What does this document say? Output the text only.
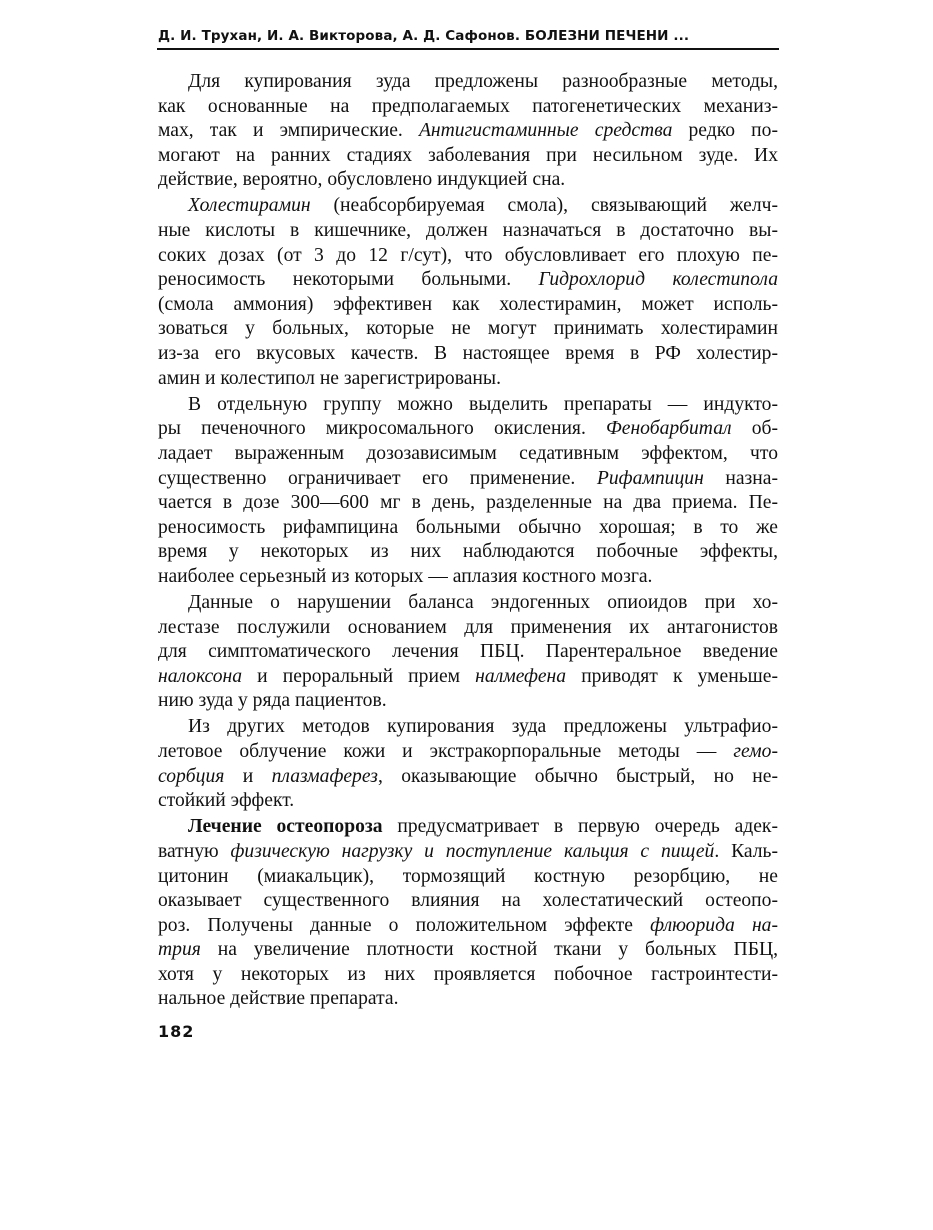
Д. И. Трухан, И. А. Викторова, А. Д. Сафонов. БОЛЕЗНИ ПЕЧЕНИ ...
Для купирования зуда предложены разнообразные методы,
как основанные на предполагаемых патогенетических механиз-
мах, так и эмпирические. Антигистаминные средства редко по-
могают на ранних стадиях заболевания при несильном зуде. Их
действие, вероятно, обусловлено индукцией сна.
Холестирамин (неабсорбируемая смола), связывающий желч-
ные кислоты в кишечнике, должен назначаться в достаточно вы-
соких дозах (от 3 до 12 г/сут), что обусловливает его плохую пе-
реносимость некоторыми больными. Гидрохлорид колестипола
(смола аммония) эффективен как холестирамин, может исполь-
зоваться у больных, которые не могут принимать холестирамин
из-за его вкусовых качеств. В настоящее время в РФ холестир-
амин и колестипол не зарегистрированы.
В отдельную группу можно выделить препараты — индукто-
ры печеночного микросомального окисления. Фенобарбитал об-
ладает выраженным дозозависимым седативным эффектом, что
существенно ограничивает его применение. Рифампицин назна-
чается в дозе 300—600 мг в день, разделенные на два приема. Пе-
реносимость рифампицина больными обычно хорошая; в то же
время у некоторых из них наблюдаются побочные эффекты,
наиболее серьезный из которых — аплазия костного мозга.
Данные о нарушении баланса эндогенных опиоидов при хо-
лестазе послужили основанием для применения их антагонистов
для симптоматического лечения ПБЦ. Парентеральное введение
налоксона и пероральный прием налмефена приводят к уменьше-
нию зуда у ряда пациентов.
Из других методов купирования зуда предложены ультрафио-
летовое облучение кожи и экстракорпоральные методы — гемо-
сорбция и плазмаферез, оказывающие обычно быстрый, но не-
стойкий эффект.
Лечение остеопороза предусматривает в первую очередь адек-
ватную физическую нагрузку и поступление кальция с пищей. Каль-
цитонин (миакальцик), тормозящий костную резорбцию, не
оказывает существенного влияния на холестатический остеопо-
роз. Получены данные о положительном эффекте флюорида на-
трия на увеличение плотности костной ткани у больных ПБЦ,
хотя у некоторых из них проявляется побочное гастроинтести-
нальное действие препарата.
182
